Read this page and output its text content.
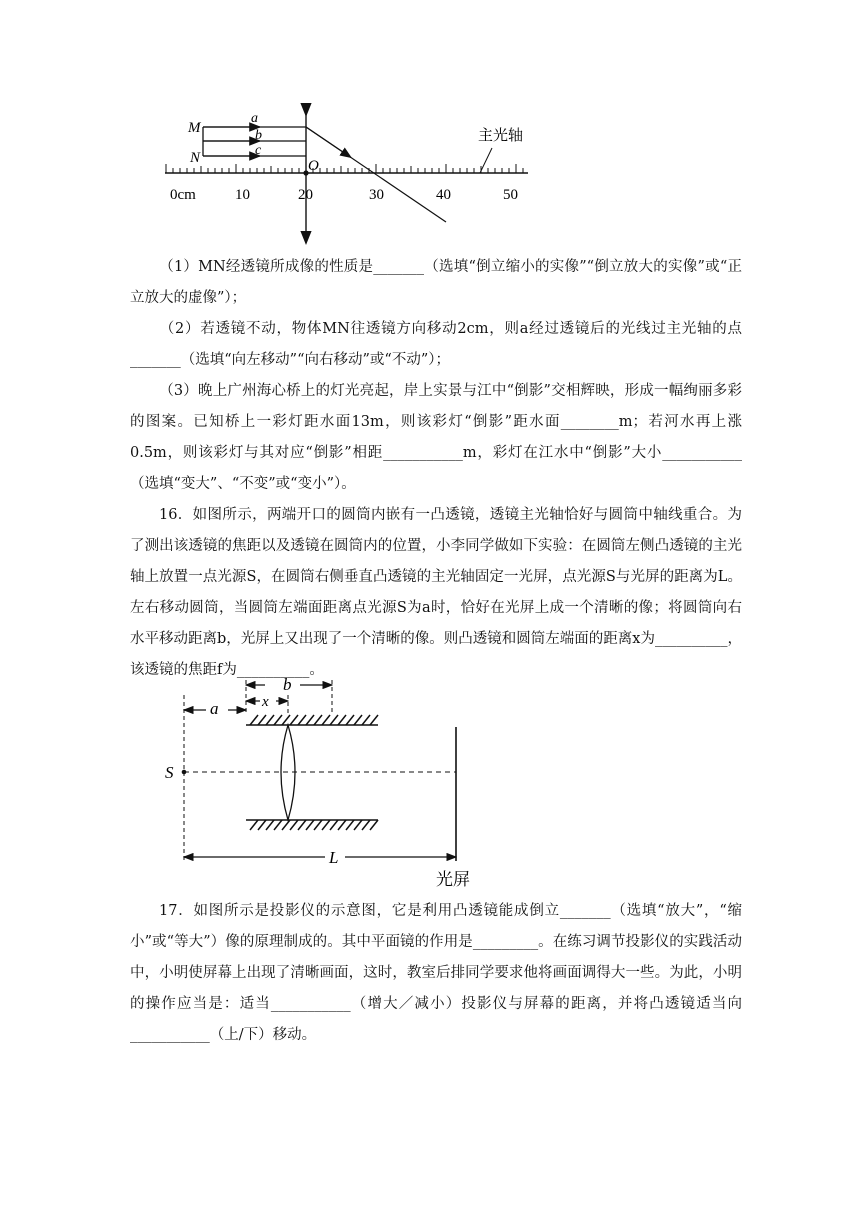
M
N	O
a
b
c
主光轴
0cm	10	20	30	40	50

（1）MN经透镜所成像的性质是_______（选填“倒立缩小的实像”“倒立放大的实像”或“正立放大的虚像”）；

（2）若透镜不动，物体MN往透镜方向移动2cm，则a经过透镜后的光线过主光轴的点_______（选填“向左移动”“向右移动”或“不动”）；

（3）晚上广州海心桥上的灯光亮起，岸上实景与江中“倒影”交相辉映，形成一幅绚丽多彩的图案。已知桥上一彩灯距水面13m，则该彩灯“倒影”距水面________m；若河水再上涨0.5m，则该彩灯与其对应“倒影”相距___________m，彩灯在江水中“倒影”大小___________（选填“变大”、“不变”或“变小”）。

16．如图所示，两端开口的圆筒内嵌有一凸透镜，透镜主光轴恰好与圆筒中轴线重合。为了测出该透镜的焦距以及透镜在圆筒内的位置，小李同学做如下实验：在圆筒左侧凸透镜的主光轴上放置一点光源S，在圆筒右侧垂直凸透镜的主光轴固定一光屏，点光源S与光屏的距离为L。左右移动圆筒，当圆筒左端面距离点光源S为a时，恰好在光屏上成一个清晰的像；将圆筒向右水平移动距离b，光屏上又出现了一个清晰的像。则凸透镜和圆筒左端面的距离x为__________，该透镜的焦距f为__________。

b
x
a
S
L
光屏

17．如图所示是投影仪的示意图，它是利用凸透镜能成倒立_______（选填“放大”，“缩小”或“等大”）像的原理制成的。其中平面镜的作用是_________。在练习调节投影仪的实践活动中，小明使屏幕上出现了清晰画面，这时，教室后排同学要求他将画面调得大一些。为此，小明的操作应当是：适当___________（增大／减小）投影仪与屏幕的距离，并将凸透镜适当向___________（上/下）移动。
